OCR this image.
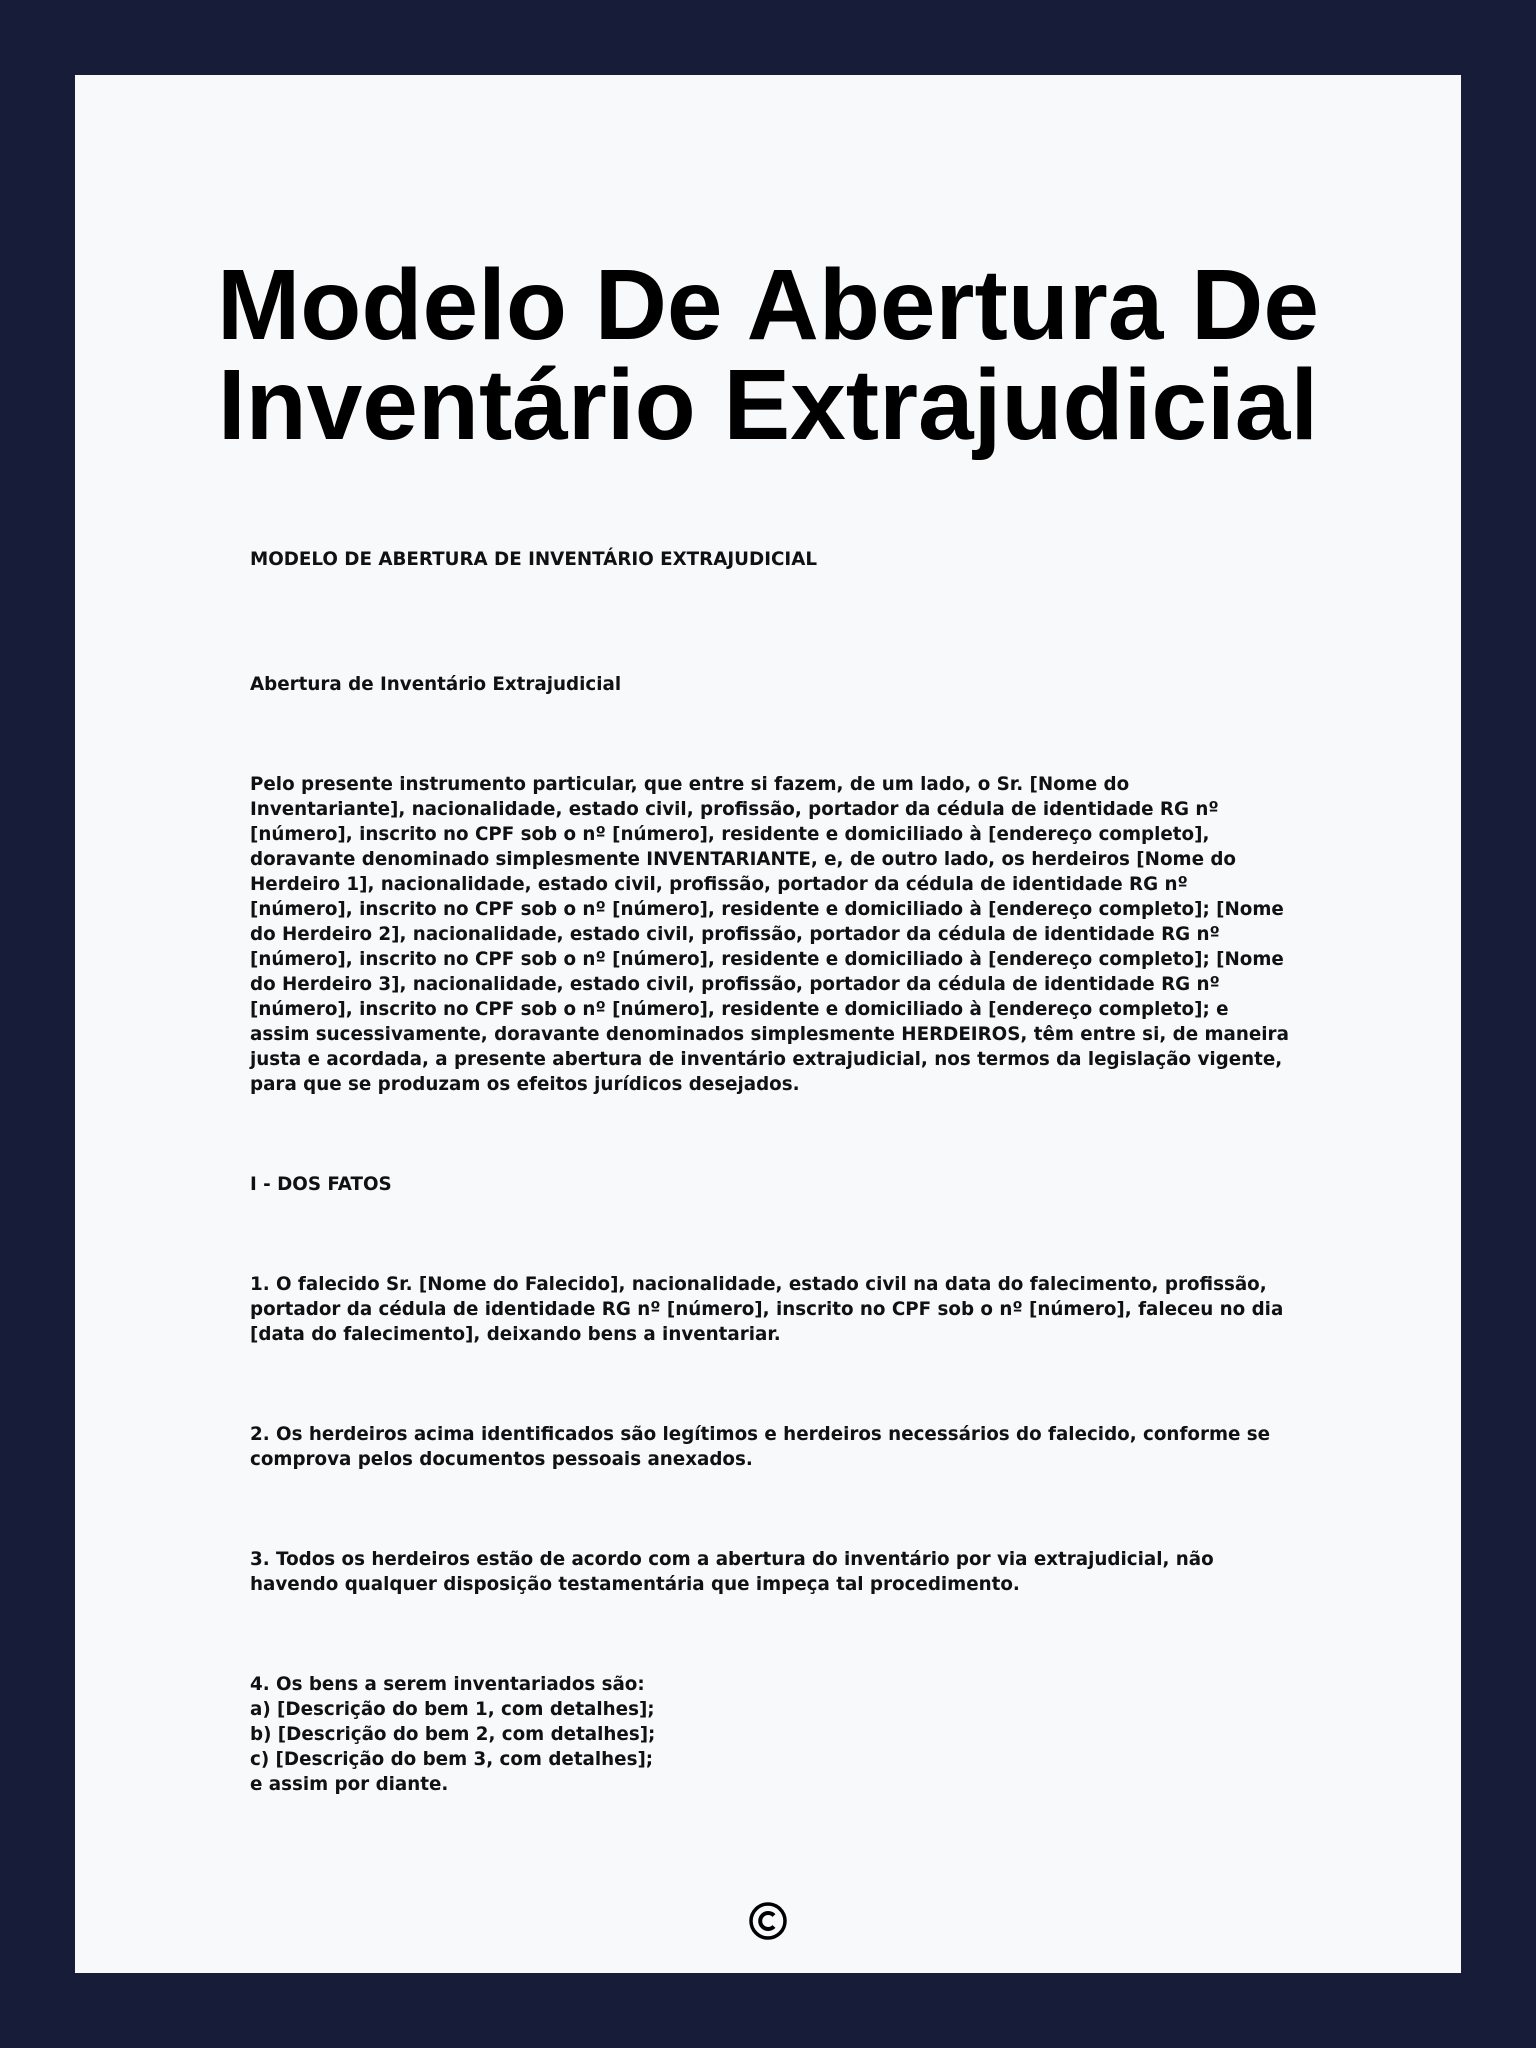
Modelo De Abertura De
Inventário Extrajudicial

MODELO DE ABERTURA DE INVENTÁRIO EXTRAJUDICIAL

Abertura de Inventário Extrajudicial

Pelo presente instrumento particular, que entre si fazem, de um lado, o Sr. [Nome do Inventariante], nacionalidade, estado civil, profissão, portador da cédula de identidade RG nº [número], inscrito no CPF sob o nº [número], residente e domiciliado à [endereço completo], doravante denominado simplesmente INVENTARIANTE, e, de outro lado, os herdeiros [Nome do Herdeiro 1], nacionalidade, estado civil, profissão, portador da cédula de identidade RG nº [número], inscrito no CPF sob o nº [número], residente e domiciliado à [endereço completo]; [Nome do Herdeiro 2], nacionalidade, estado civil, profissão, portador da cédula de identidade RG nº [número], inscrito no CPF sob o nº [número], residente e domiciliado à [endereço completo]; [Nome do Herdeiro 3], nacionalidade, estado civil, profissão, portador da cédula de identidade RG nº [número], inscrito no CPF sob o nº [número], residente e domiciliado à [endereço completo]; e assim sucessivamente, doravante denominados simplesmente HERDEIROS, têm entre si, de maneira justa e acordada, a presente abertura de inventário extrajudicial, nos termos da legislação vigente, para que se produzam os efeitos jurídicos desejados.

I - DOS FATOS

1. O falecido Sr. [Nome do Falecido], nacionalidade, estado civil na data do falecimento, profissão, portador da cédula de identidade RG nº [número], inscrito no CPF sob o nº [número], faleceu no dia [data do falecimento], deixando bens a inventariar.

2. Os herdeiros acima identificados são legítimos e herdeiros necessários do falecido, conforme se comprova pelos documentos pessoais anexados.

3. Todos os herdeiros estão de acordo com a abertura do inventário por via extrajudicial, não havendo qualquer disposição testamentária que impeça tal procedimento.

4. Os bens a serem inventariados são:

a) [Descrição do bem 1, com detalhes];
b) [Descrição do bem 2, com detalhes];
c) [Descrição do bem 3, com detalhes];
e assim por diante.
